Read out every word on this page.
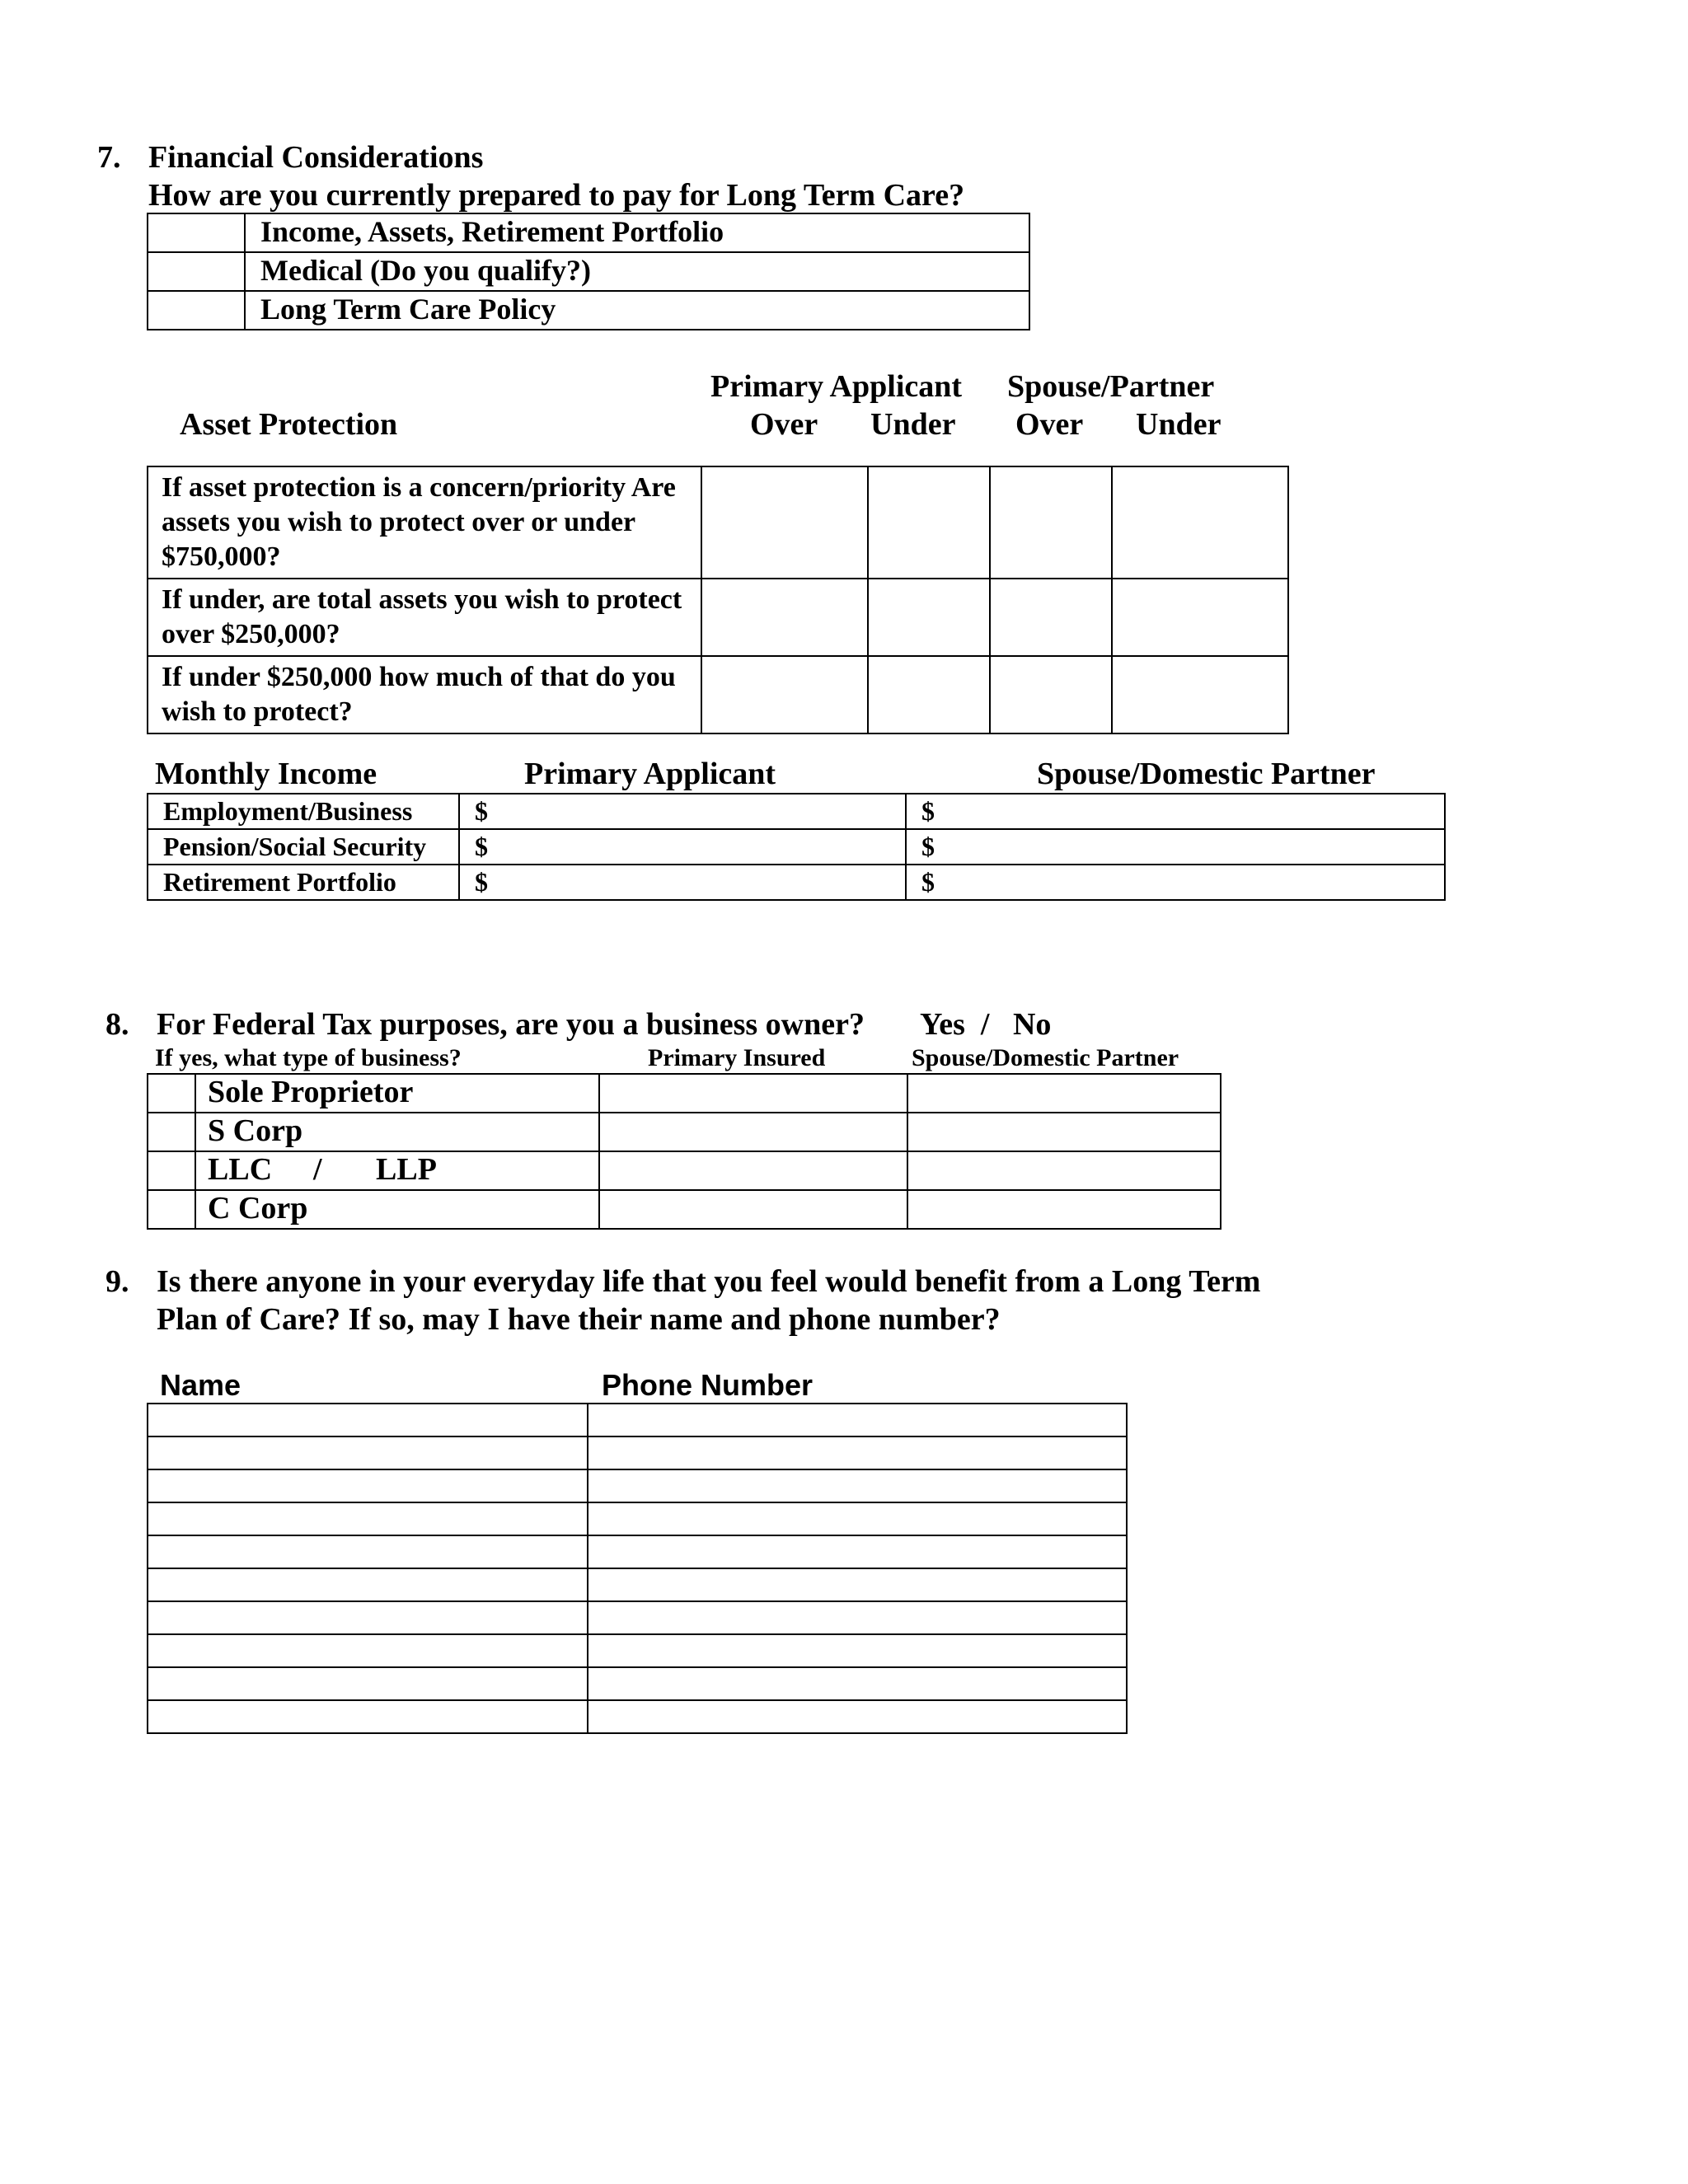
7. Financial Considerations
How are you currently prepared to pay for Long Term Care?
	Income, Assets, Retirement Portfolio
	Medical (Do you qualify?)
	Long Term Care Policy
Primary Applicant Spouse/Partner
Asset Protection	Over Under Over Under
If asset protection is a concern/priority Are assets you wish to protect over or under $750,000?				
If under, are total assets you wish to protect over $250,000?				
If under $250,000 how much of that do you wish to protect?				
Monthly Income	Primary Applicant	Spouse/Domestic Partner
Employment/Business	$	$
Pension/Social Security	$	$
Retirement Portfolio	$	$
8. For Federal Tax purposes, are you a business owner? Yes  /   No
If yes, what type of business?	Primary Insured	Spouse/Domestic Partner
	Sole Proprietor		
	S Corp		
	LLC / LLP		

	C Corp		
9. Is there anyone in your everyday life that you feel would benefit from a Long Term
Plan of Care? If so, may I have their name and phone number?
Name	Phone Number
